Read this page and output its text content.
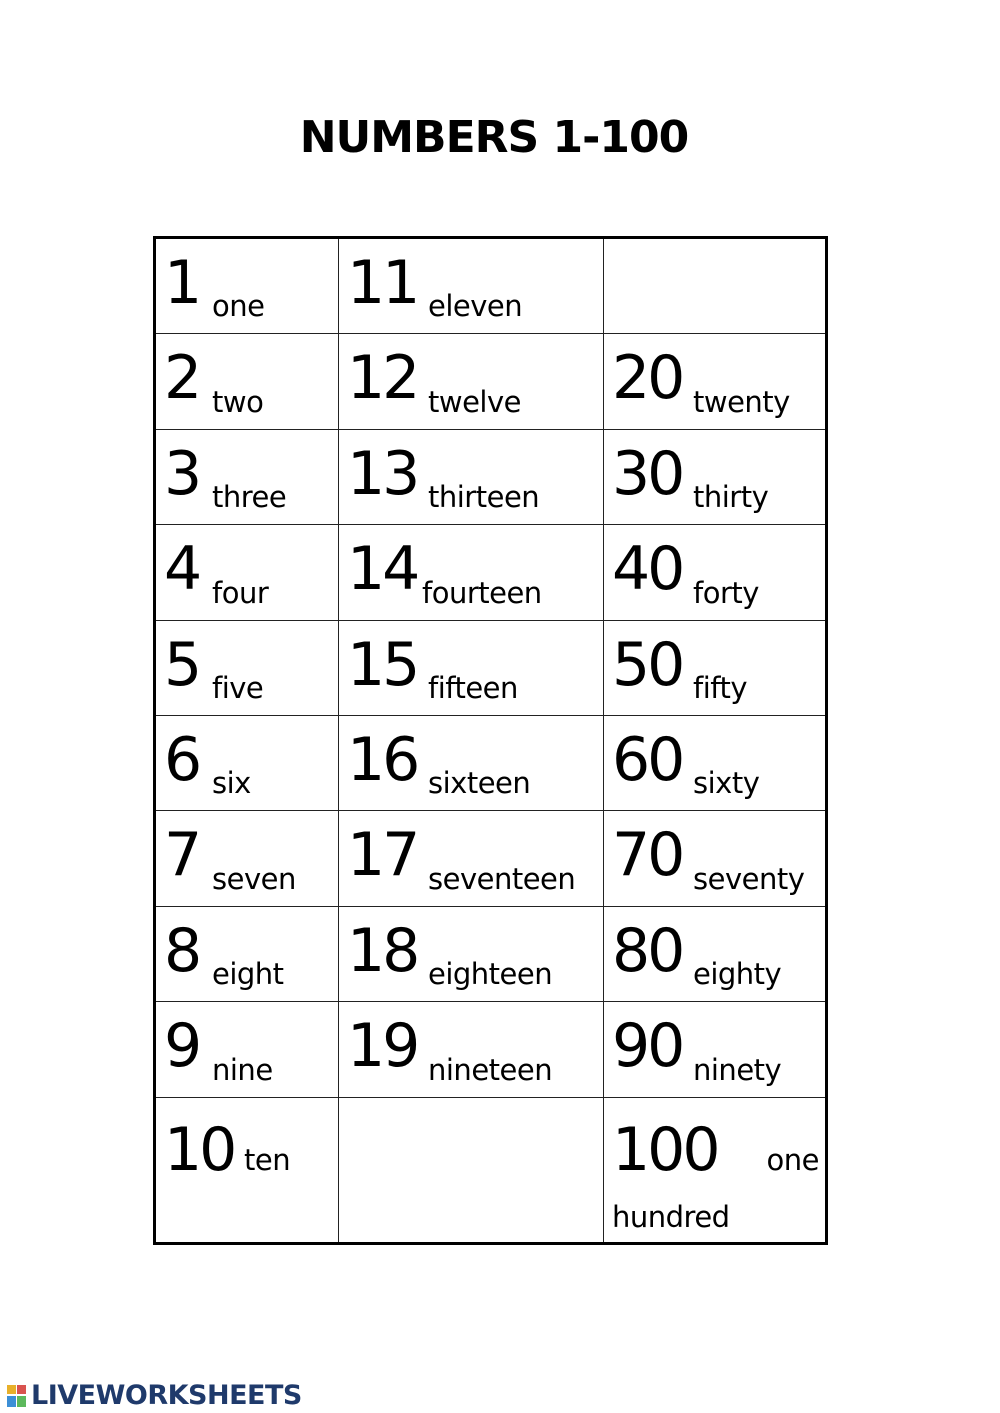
NUMBERS 1-100
1 one 11 eleven
2 two 12 twelve 20 twenty
3 three 13 thirteen 30 thirty
4 four 14 fourteen 40 forty
5 five 15 fifteen 50 fifty
6 six 16 sixteen 60 sixty
7 seven 17 seventeen 70 seventy
8 eight 18 eighteen 80 eighty
9 nine 19 nineteen 90 ninety
10 ten	100 one
hundred
LIVEWORKSHEETS
